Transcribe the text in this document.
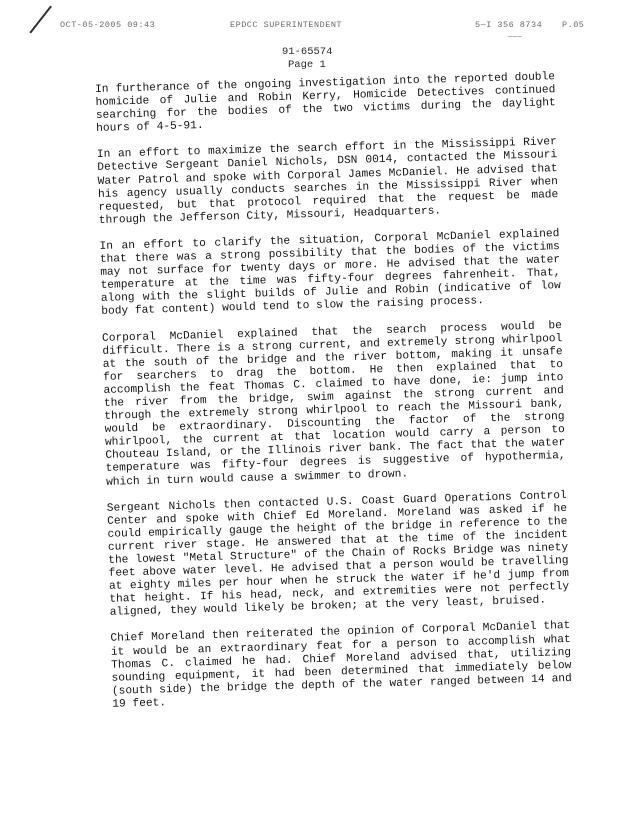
OCT-05-2005 09:43	EPDCC SUPERINTENDENT	5—I 356 8734 P.05
———
91-65574
Page 1

In furtherance of the ongoing investigation into the reported double homicide of Julie and Robin Kerry, Homicide Detectives continued searching for the bodies of the two victims during the daylight hours of 4-5-91.

In an effort to maximize the search effort in the Mississippi River Detective Sergeant Daniel Nichols, DSN 0014, contacted the Missouri Water Patrol and spoke with Corporal James McDaniel. He advised that his agency usually conducts searches in the Mississippi River when requested, but that protocol required that the request be made through the Jefferson City, Missouri, Headquarters.

In an effort to clarify the situation, Corporal McDaniel explained that there was a strong possibility that the bodies of the victims may not surface for twenty days or more. He advised that the water temperature at the time was fifty-four degrees fahrenheit. That, along with the slight builds of Julie and Robin (indicative of low body fat content) would tend to slow the raising process.

Corporal McDaniel explained that the search process would be difficult. There is a strong current, and extremely strong whirlpool at the south of the bridge and the river bottom, making it unsafe for searchers to drag the bottom. He then explained that to accomplish the feat Thomas C. claimed to have done, ie: jump into the river from the bridge, swim against the strong current and through the extremely strong whirlpool to reach the Missouri bank, would be extraordinary. Discounting the factor of the strong whirlpool, the current at that location would carry a person to Chouteau Island, or the Illinois river bank. The fact that the water temperature was fifty-four degrees is suggestive of hypothermia, which in turn would cause a swimmer to drown.

Sergeant Nichols then contacted U.S. Coast Guard Operations Control Center and spoke with Chief Ed Moreland. Moreland was asked if he could empirically gauge the height of the bridge in reference to the current river stage. He answered that at the time of the incident the lowest "Metal Structure" of the Chain of Rocks Bridge was ninety feet above water level. He advised that a person would be travelling at eighty miles per hour when he struck the water if he'd jump from that height. If his head, neck, and extremities were not perfectly aligned, they would likely be broken; at the very least, bruised.

Chief Moreland then reiterated the opinion of Corporal McDaniel that it would be an extraordinary feat for a person to accomplish what Thomas C. claimed he had. Chief Moreland advised that, utilizing sounding equipment, it had been determined that immediately below (south side) the bridge the depth of the water ranged between 14 and 19 feet.
